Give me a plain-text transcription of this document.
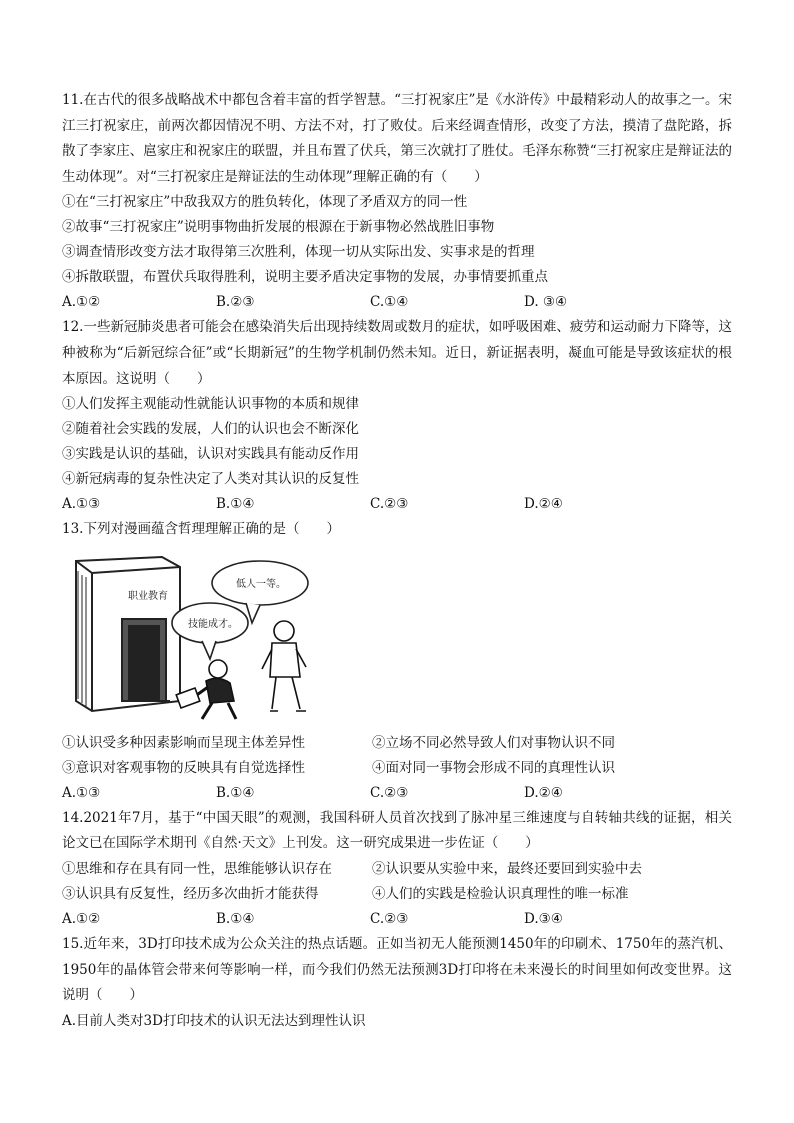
11.在古代的很多战略战术中都包含着丰富的哲学智慧。“三打祝家庄”是《水浒传》中最精彩动人的故事之一。宋江三打祝家庄，前两次都因情况不明、方法不对，打了败仗。后来经调查情形，改变了方法，摸清了盘陀路，拆散了李家庄、扈家庄和祝家庄的联盟，并且布置了伏兵，第三次就打了胜仗。毛泽东称赞“三打祝家庄是辩证法的生动体现”。对“三打祝家庄是辩证法的生动体现”理解正确的有（　　）

①在“三打祝家庄”中敌我双方的胜负转化，体现了矛盾双方的同一性

②故事“三打祝家庄”说明事物曲折发展的根源在于新事物必然战胜旧事物

③调查情形改变方法才取得第三次胜利，体现一切从实际出发、实事求是的哲理

④拆散联盟，布置伏兵取得胜利，说明主要矛盾决定事物的发展，办事情要抓重点

A.①②	B.②③	C.①④	D. ③④

12.一些新冠肺炎患者可能会在感染消失后出现持续数周或数月的症状，如呼吸困难、疲劳和运动耐力下降等，这种被称为“后新冠综合征”或“长期新冠”的生物学机制仍然未知。近日，新证据表明，凝血可能是导致该症状的根本原因。这说明（　　）

①人们发挥主观能动性就能认识事物的本质和规律

②随着社会实践的发展，人们的认识也会不断深化

③实践是认识的基础，认识对实践具有能动反作用

④新冠病毒的复杂性决定了人类对其认识的反复性

A.①③	B.①④	C.②③	D.②④

13.下列对漫画蕴含哲理理解正确的是（　　）

职业教育
低人一等。
技能成才。
①认识受多种因素影响而呈现主体差异性	②立场不同必然导致人们对事物认识不同
③意识对客观事物的反映具有自觉选择性	④面对同一事物会形成不同的真理性认识
A.①③	B.①④	C.②③	D.②④

14.2021年7月，基于“中国天眼”的观测，我国科研人员首次找到了脉冲星三维速度与自转轴共线的证据，相关论文已在国际学术期刊《自然·天文》上刊发。这一研究成果进一步佐证（　　）

①思维和存在具有同一性，思维能够认识存在	②认识要从实验中来，最终还要回到实验中去
③认识具有反复性，经历多次曲折才能获得	④人们的实践是检验认识真理性的唯一标准
A.①②	B.①④	C.②③	D.③④

15.近年来，3D打印技术成为公众关注的热点话题。正如当初无人能预测1450年的印刷术、1750年的蒸汽机、1950年的晶体管会带来何等影响一样，而今我们仍然无法预测3D打印将在未来漫长的时间里如何改变世界。这说明（　　）

A.目前人类对3D打印技术的认识无法达到理性认识
